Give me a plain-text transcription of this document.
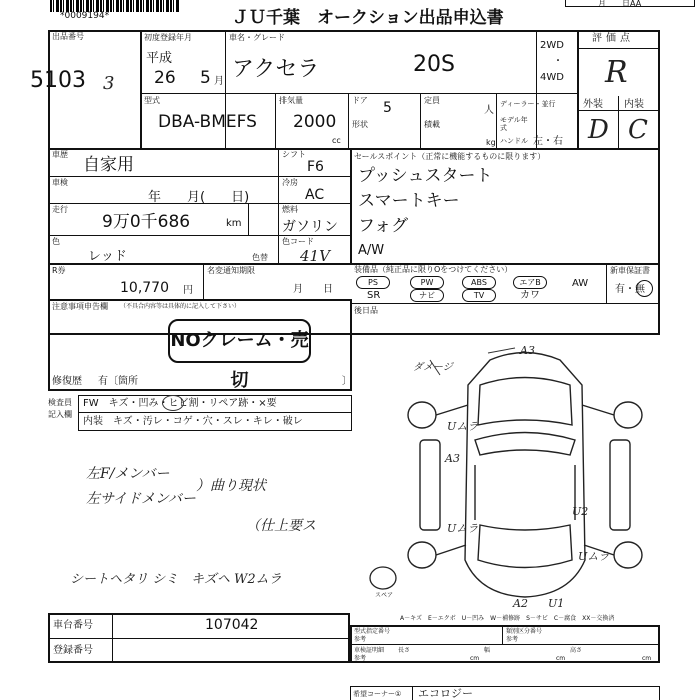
*0009194*	ＪＵ千葉　オークション出品申込書
月　　日AA
出品番号
5103 3
初度登録年月
平成
26 5 月
車名・グレード
アクセラ	20S
2WD
・
4WD
評価点
R
外装 内装
D C
型式
DBA-BMEFS
排気量
2000
cc
ドア 5
形状
定員
人
積載
kg
ディーラー・並行
モデル年式
ハンドル 左・右
車歴
自家用
車検
年　　月(　　日)
走行
9万0千686	km
シフト
F6
冷房
AC
燃料
ガソリン
色
レッド	色替
色コード
41V
セールスポイント（正常に機能するものに限ります）
プッシュスタート
スマートキー
フォグ
A/W
R券
10,770 円
名変通知期限
月　　日
装備品（純正品に限りOをつけてください）
PS	PW	ABS	エアB	AW
SR	ナビ	TV	カワ
新車保証書
有・無
後日品
注意事項申告欄 （不具合内容等は具体的に記入して下さい）
NOクレーム・売切
修復歴 有〔箇所	〕
検査員
記入欄
FW　キズ・凹み・ヒビ割・リペア跡・×要
内装　キズ・汚レ・コゲ・穴・スレ・キレ・破レ
左F/メンバー
左サイドメンバー
）曲り現状
（仕上要ス
シートヘタリ シミ　キズヘ W2ムラ
スペア
A3
ダメージ
Uムラ
A3
Uムラ
U2
Uムラ
A2 U1
A－キズ　E－エクボ　U－凹み　W－補修跡　S－サビ　C－腐食　XX－交換済
車台番号	107042
登録番号
型式指定番号
参考
類別区分番号
参考
車検証明細
参考
長さ
cm
幅
cm
高さ
cm
希望コーナー① エコロジー
